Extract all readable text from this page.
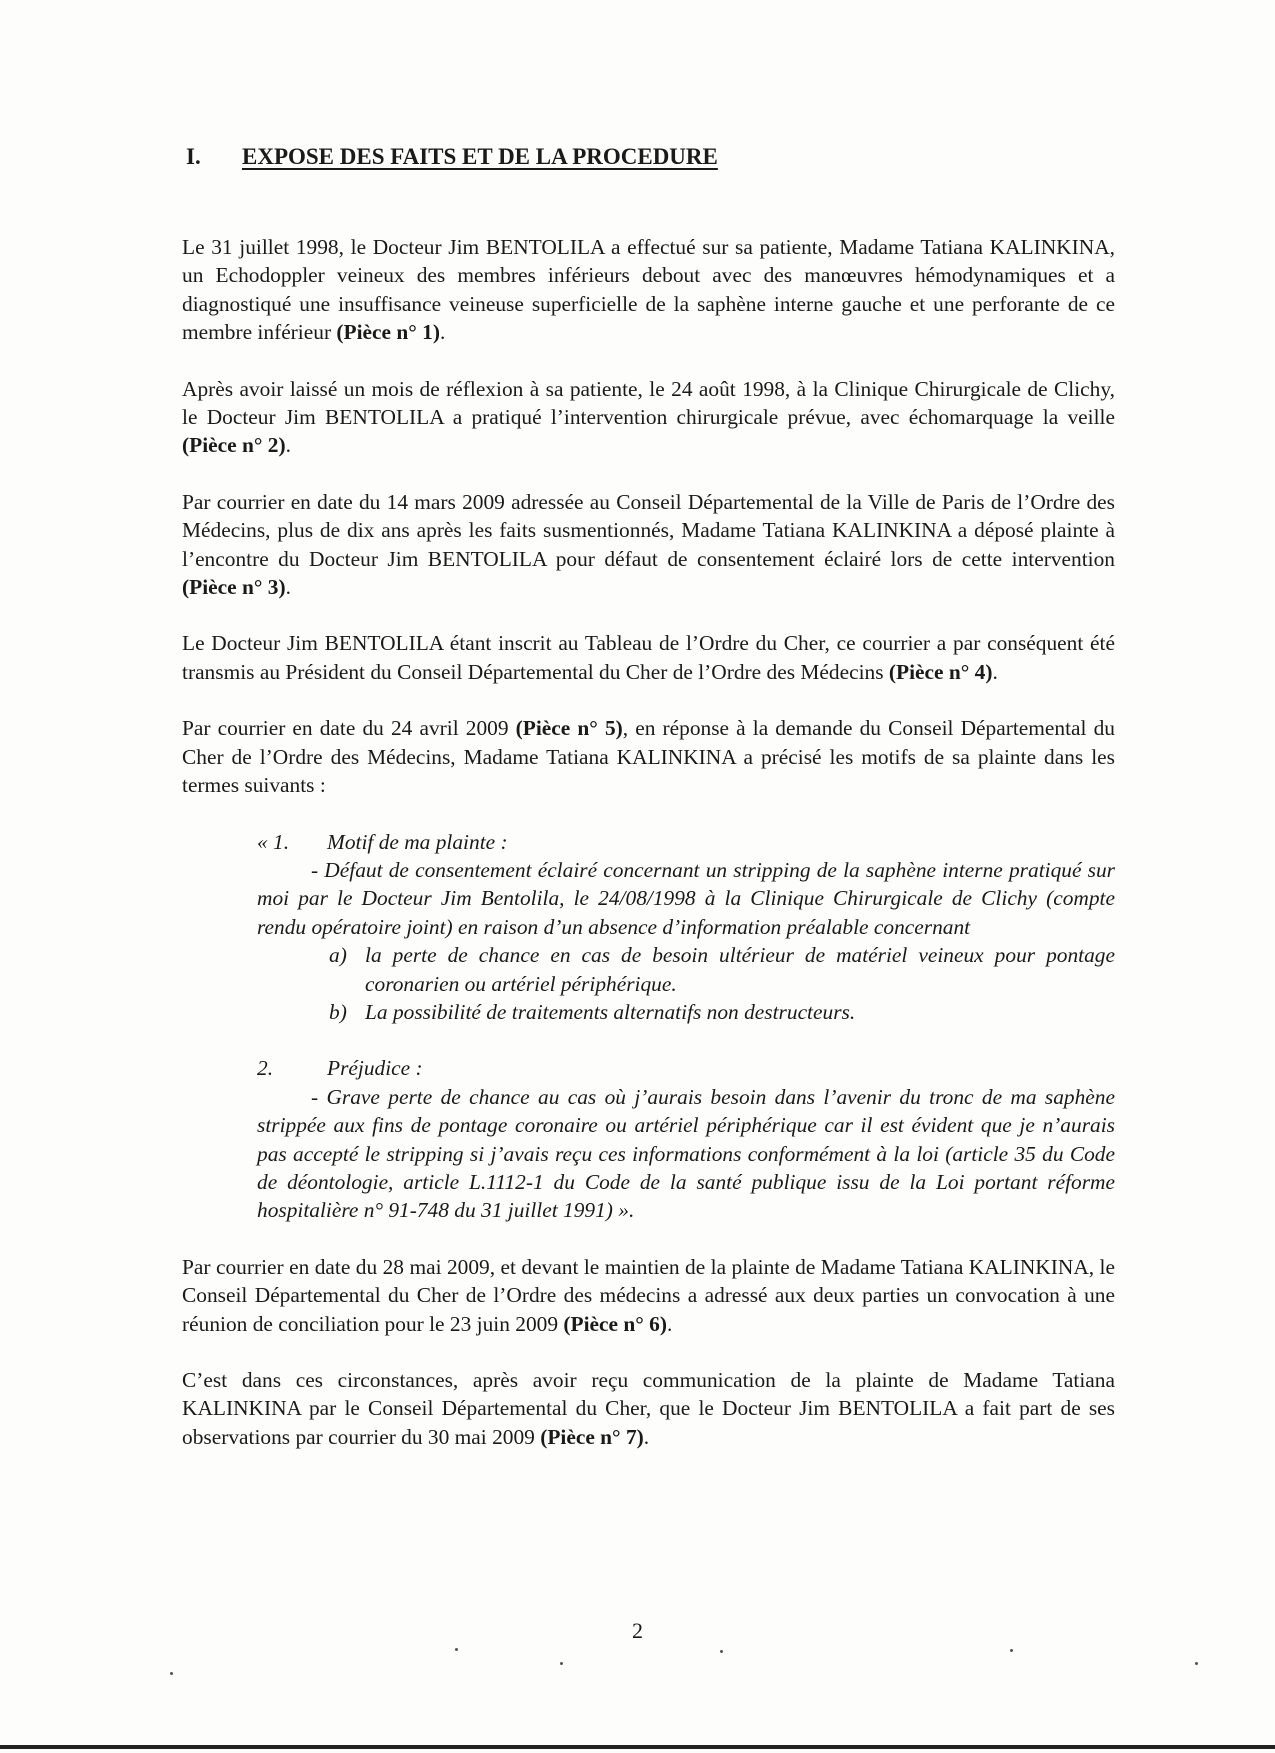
I.	EXPOSE DES FAITS ET DE LA PROCEDURE

Le 31 juillet 1998, le Docteur Jim BENTOLILA a effectué sur sa patiente, Madame Tatiana KALINKINA, un Echodoppler veineux des membres inférieurs debout avec des manœuvres hémodynamiques et a diagnostiqué une insuffisance veineuse superficielle de la saphène interne gauche et une perforante de ce membre inférieur (Pièce n° 1).

Après avoir laissé un mois de réflexion à sa patiente, le 24 août 1998, à la Clinique Chirurgicale de Clichy, le Docteur Jim BENTOLILA a pratiqué l’intervention chirurgicale prévue, avec échomarquage la veille (Pièce n° 2).

Par courrier en date du 14 mars 2009 adressée au Conseil Départemental de la Ville de Paris de l’Ordre des Médecins, plus de dix ans après les faits susmentionnés, Madame Tatiana KALINKINA a déposé plainte à l’encontre du Docteur Jim BENTOLILA pour défaut de consentement éclairé lors de cette intervention (Pièce n° 3).

Le Docteur Jim BENTOLILA étant inscrit au Tableau de l’Ordre du Cher, ce courrier a par conséquent été transmis au Président du Conseil Départemental du Cher de l’Ordre des Médecins (Pièce n° 4).

Par courrier en date du 24 avril 2009 (Pièce n° 5), en réponse à la demande du Conseil Départemental du Cher de l’Ordre des Médecins, Madame Tatiana KALINKINA a précisé les motifs de sa plainte dans les termes suivants :

« 1.	Motif de ma plainte :

- Défaut de consentement éclairé concernant un stripping de la saphène interne pratiqué sur moi par le Docteur Jim Bentolila, le 24/08/1998 à la Clinique Chirurgicale de Clichy (compte rendu opératoire joint) en raison d’un absence d’information préalable concernant

a) la perte de chance en cas de besoin ultérieur de matériel veineux pour pontage coronarien ou artériel périphérique.
b) La possibilité de traitements alternatifs non destructeurs.
2.	Préjudice :

- Grave perte de chance au cas où j’aurais besoin dans l’avenir du tronc de ma saphène strippée aux fins de pontage coronaire ou artériel périphérique car il est évident que je n’aurais pas accepté le stripping si j’avais reçu ces informations conformément à la loi (article 35 du Code de déontologie, article L.1112-1 du Code de la santé publique issu de la Loi portant réforme hospitalière n° 91-748 du 31 juillet 1991) ».

Par courrier en date du 28 mai 2009, et devant le maintien de la plainte de Madame Tatiana KALINKINA, le Conseil Départemental du Cher de l’Ordre des médecins a adressé aux deux parties un convocation à une réunion de conciliation pour le 23 juin 2009 (Pièce n° 6).

C’est dans ces circonstances, après avoir reçu communication de la plainte de Madame Tatiana KALINKINA par le Conseil Départemental du Cher, que le Docteur Jim BENTOLILA a fait part de ses observations par courrier du 30 mai 2009 (Pièce n° 7).

2
